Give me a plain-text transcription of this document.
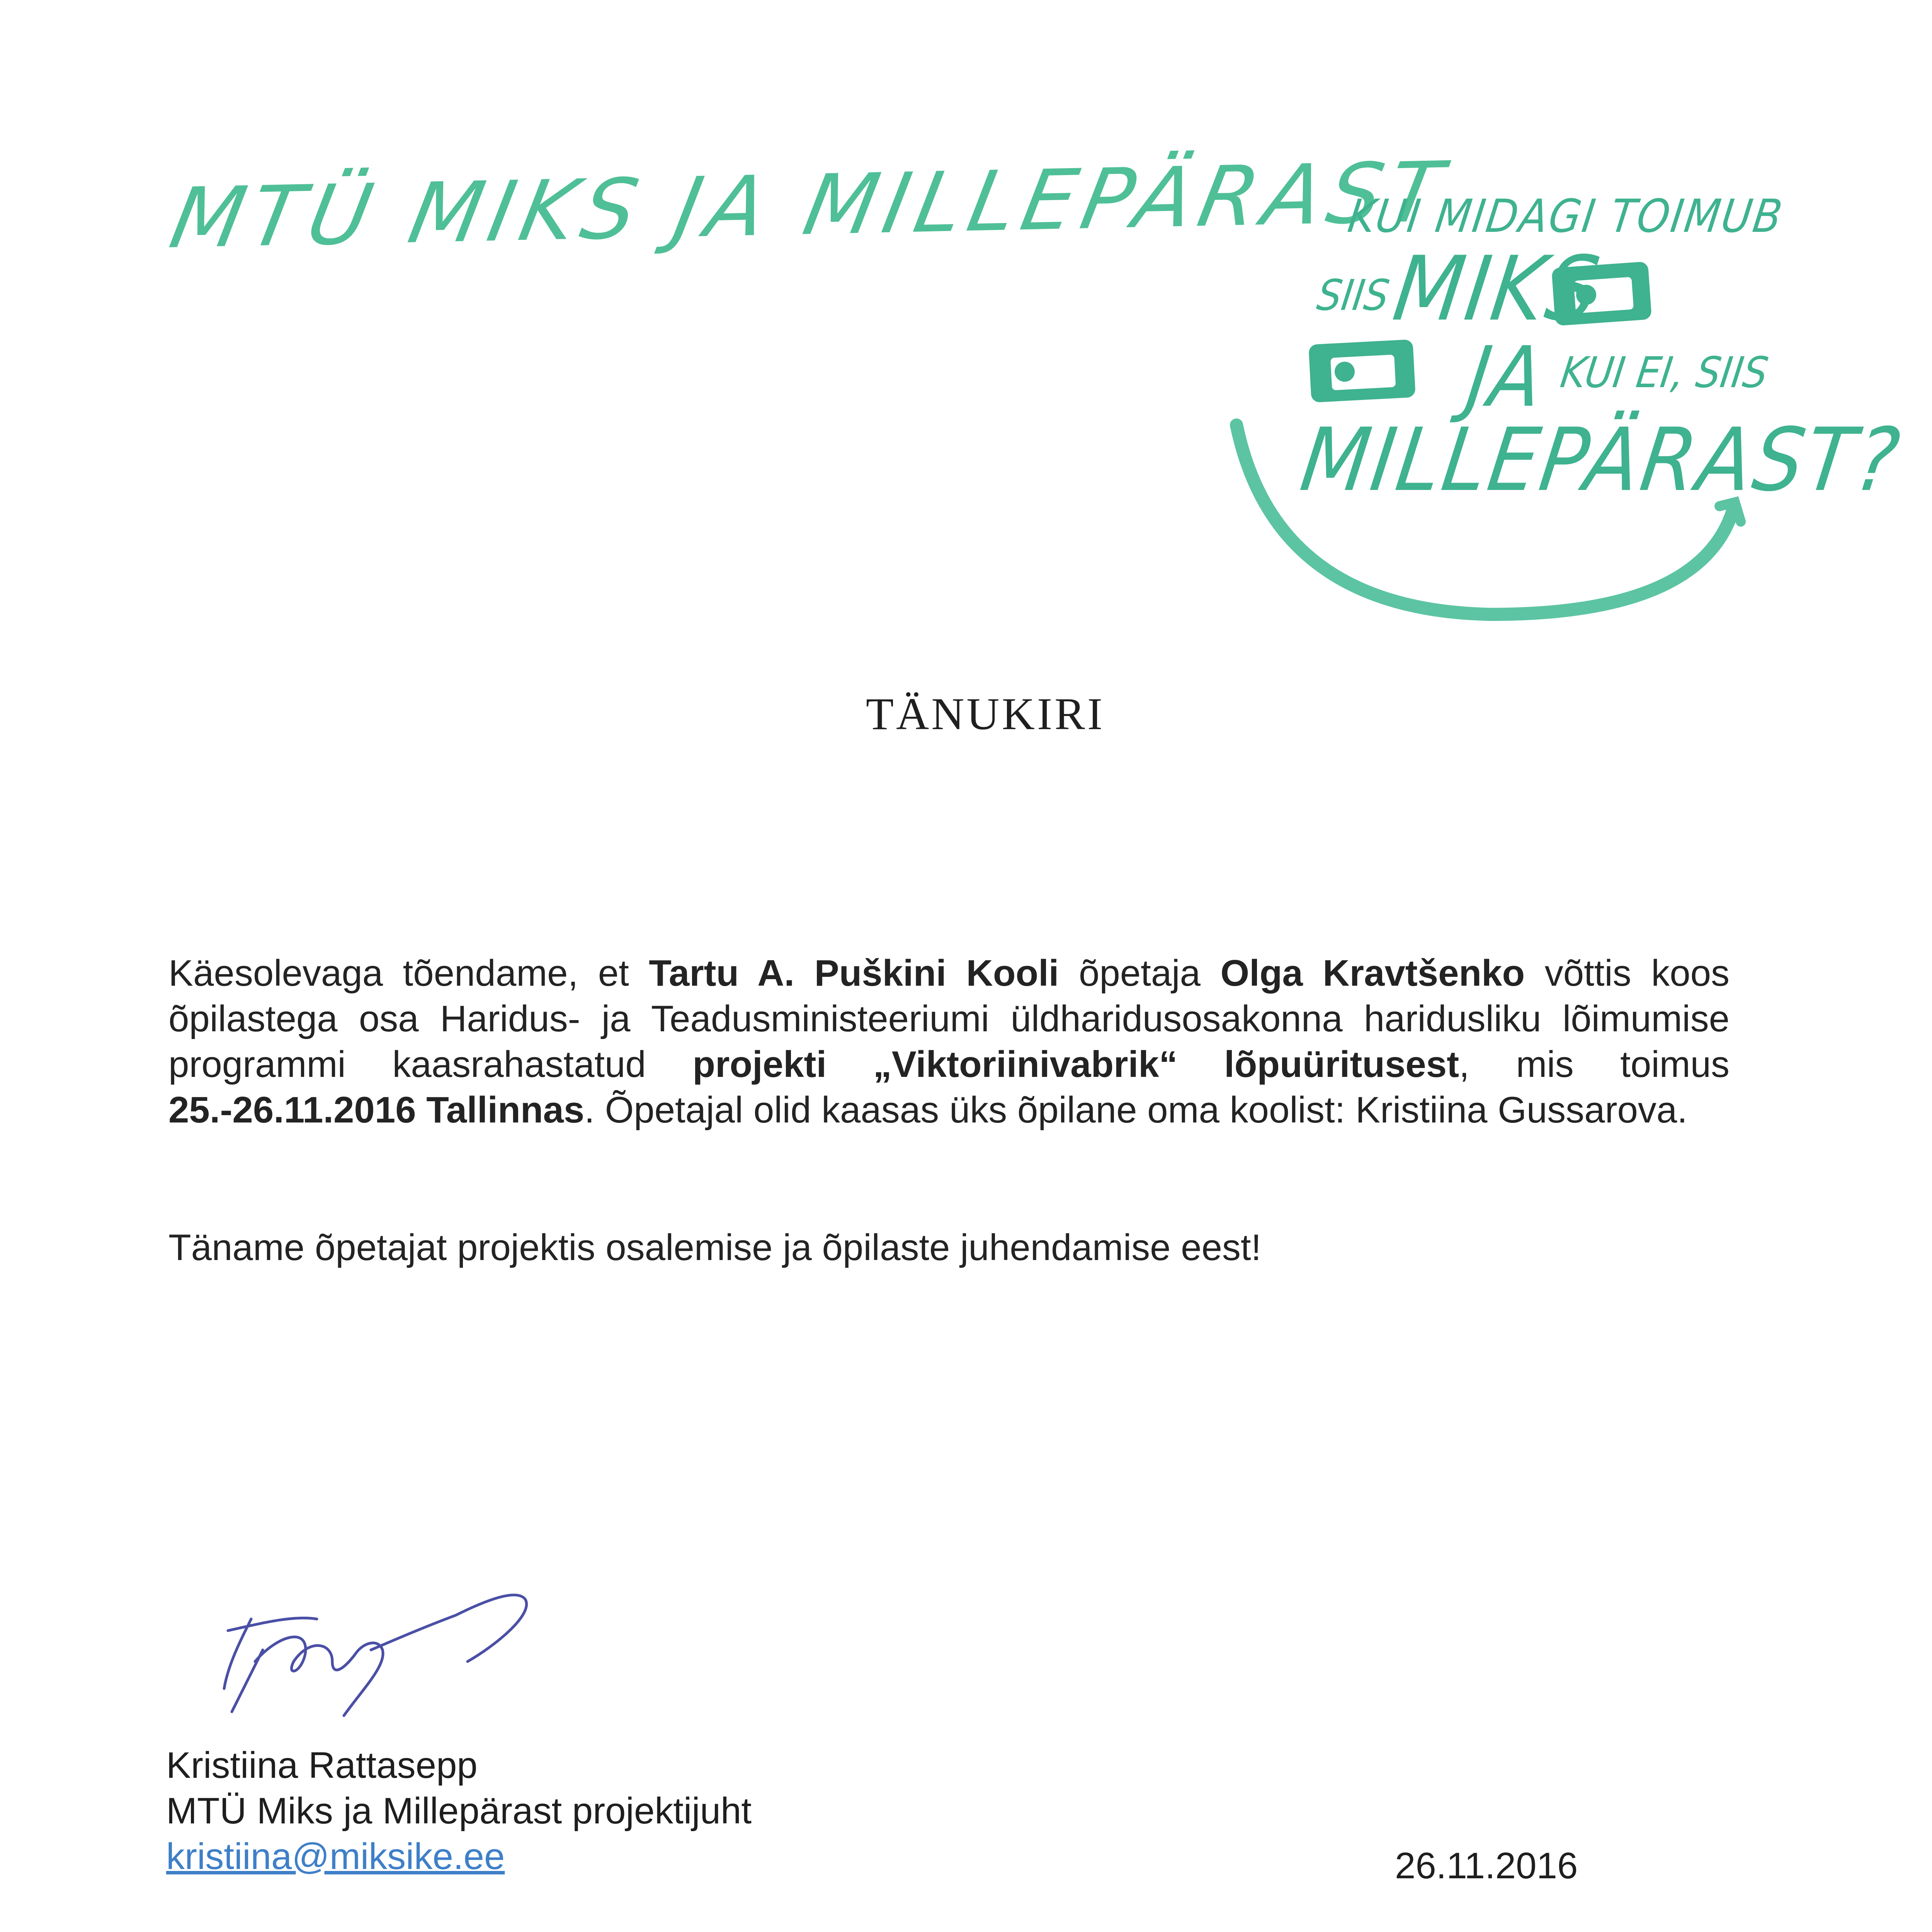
MTÜ MIKS JA MILLEPÄRAST
KUI MIDAGI TOIMUB
SIIS
MIKS
JA KUI EI, SIIS
MILLEPÄRAST?
TÄNUKIRI
Käesolevaga tõendame, et Tartu A. Puškini Kooli õpetaja Olga Kravtšenko võttis koos õpilastega osa Haridus- ja Teadusministeeriumi üldharidusosakonna haridusliku lõimumise programmi kaasrahastatud projekti „Viktoriinivabrik“ lõpuüritusest, mis toimus 25.-26.11.2016 Tallinnas. Õpetajal olid kaasas üks õpilane oma koolist: Kristiina Gussarova.
Täname õpetajat projektis osalemise ja õpilaste juhendamise eest!
Kristiina Rattasepp
MTÜ Miks ja Millepärast projektijuht
kristiina@miksike.ee	26.11.2016
